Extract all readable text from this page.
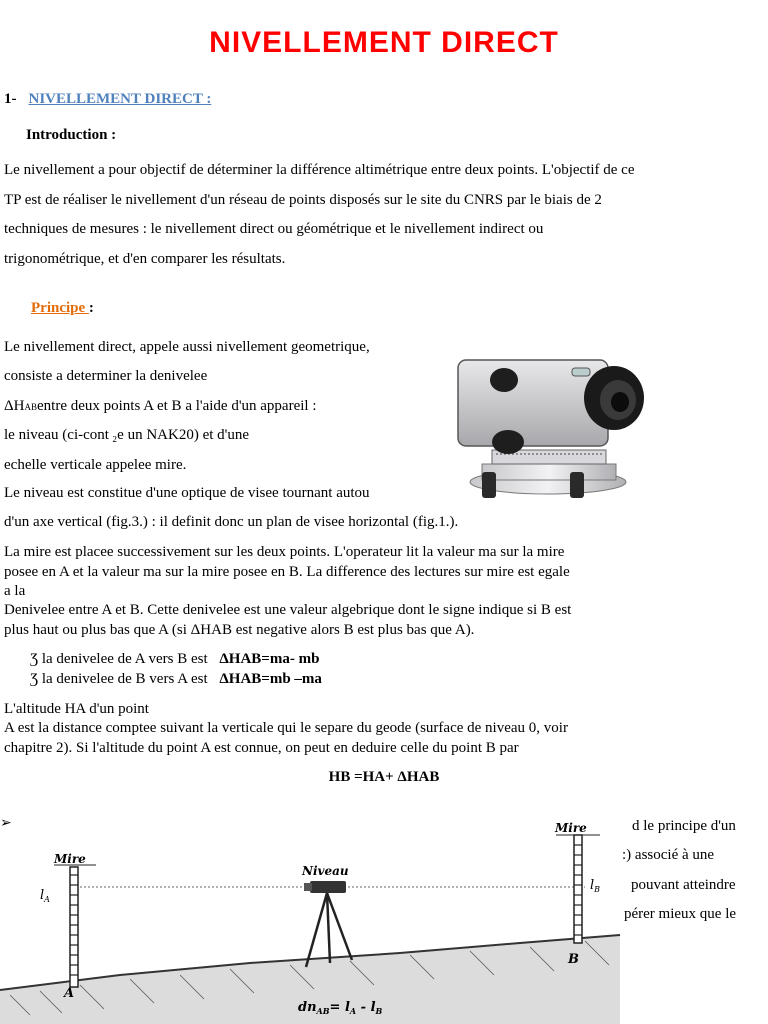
NIVELLEMENT DIRECT
1- NIVELLEMENT DIRECT :
Introduction :
Le nivellement a pour objectif de déterminer la différence altimétrique entre deux points. L'objectif de ce
TP est de réaliser le nivellement d'un réseau de points disposés sur le site du CNRS par le biais de 2
techniques de mesures : le nivellement direct ou géométrique et le nivellement indirect ou
trigonométrique, et d'en comparer les résultats.
Principe :
Le nivellement direct, appele aussi nivellement geometrique,
consiste a determiner la denivelee
ΔHABentre deux points A et B a l'aide d'un appareil :
le niveau (ci-cont ₂e un NAK20) et d'une
echelle verticale appelee mire.
Le niveau est constitue d'une optique de visee tournant autou
d'un axe vertical (fig.3.) : il definit donc un plan de visee horizontal (fig.1.).
La mire est placee successivement sur les deux points. L'operateur lit la valeur ma sur la mire
posee en A et la valeur ma sur la mire posee en B. La difference des lectures sur mire est egale
a la
Denivelee entre A et B. Cette denivelee est une valeur algebrique dont le signe indique si B est
plus haut ou plus bas que A (si ΔHAB est negative alors B est plus bas que A).
Ʒ la denivelee de A vers B est ΔHAB=ma- mb
Ʒ la denivelee de B vers A est ΔHAB=mb –ma
L'altitude HA d'un point
A est la distance comptee suivant la verticale qui le separe du geode (surface de niveau 0, voir
chapitre 2). Si l'altitude du point A est connue, on peut en deduire celle du point B par
HB =HA+ ΔHAB
➢	d le principe d'un
:) associé à une
pouvant atteindre
pérer mieux que le
Mire
Mire
Niveau
$l_A$
$l_B$
A
B
$dn_{AB}= l_A - l_B$
